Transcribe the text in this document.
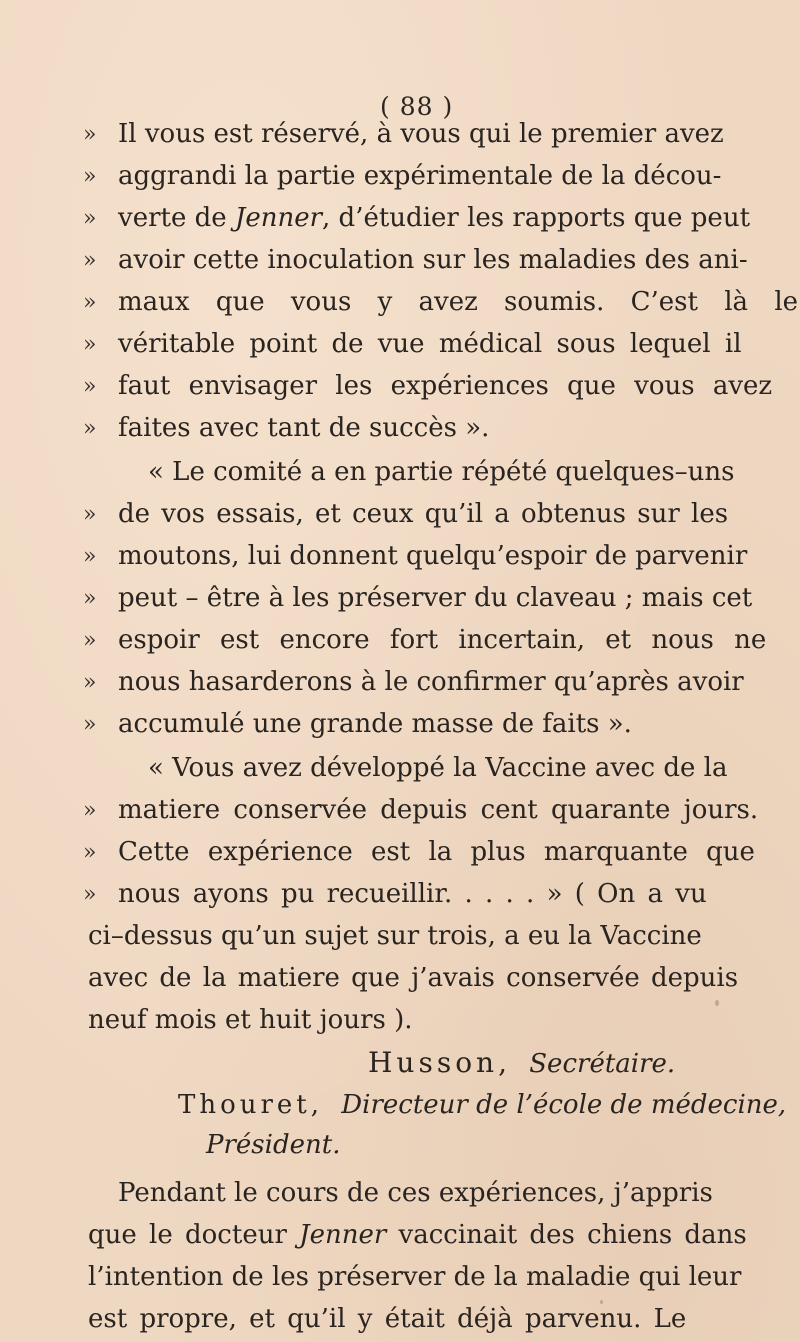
( 88 )
» Il vous est réservé, à vous qui le premier avez
» aggrandi la partie expérimentale de la décou-
» verte de Jenner, d’étudier les rapports que peut
» avoir cette inoculation sur les maladies des ani-
» maux que vous y avez soumis. C’est là le
» véritable point de vue médical sous lequel il
» faut envisager les expériences que vous avez
» faites avec tant de succès ».
« Le comité a en partie répété quelques–uns
» de vos essais, et ceux qu’il a obtenus sur les
» moutons, lui donnent quelqu’espoir de parvenir
» peut – être à les préserver du claveau ; mais cet
» espoir est encore fort incertain, et nous ne
» nous hasarderons à le confirmer qu’après avoir
» accumulé une grande masse de faits ».
« Vous avez développé la Vaccine avec de la
» matiere conservée depuis cent quarante jours.
» Cette expérience est la plus marquante que
» nous ayons pu recueillir. . . . . » ( On a vu
ci–dessus qu’un sujet sur trois, a eu la Vaccine
avec de la matiere que j’avais conservée depuis
neuf mois et huit jours ).
Husson, Secrétaire.
Thouret, Directeur de l’école de médecine,
Président.
Pendant le cours de ces expériences, j’appris
que le docteur Jenner vaccinait des chiens dans
l’intention de les préserver de la maladie qui leur
est propre, et qu’il y était déjà parvenu. Le
